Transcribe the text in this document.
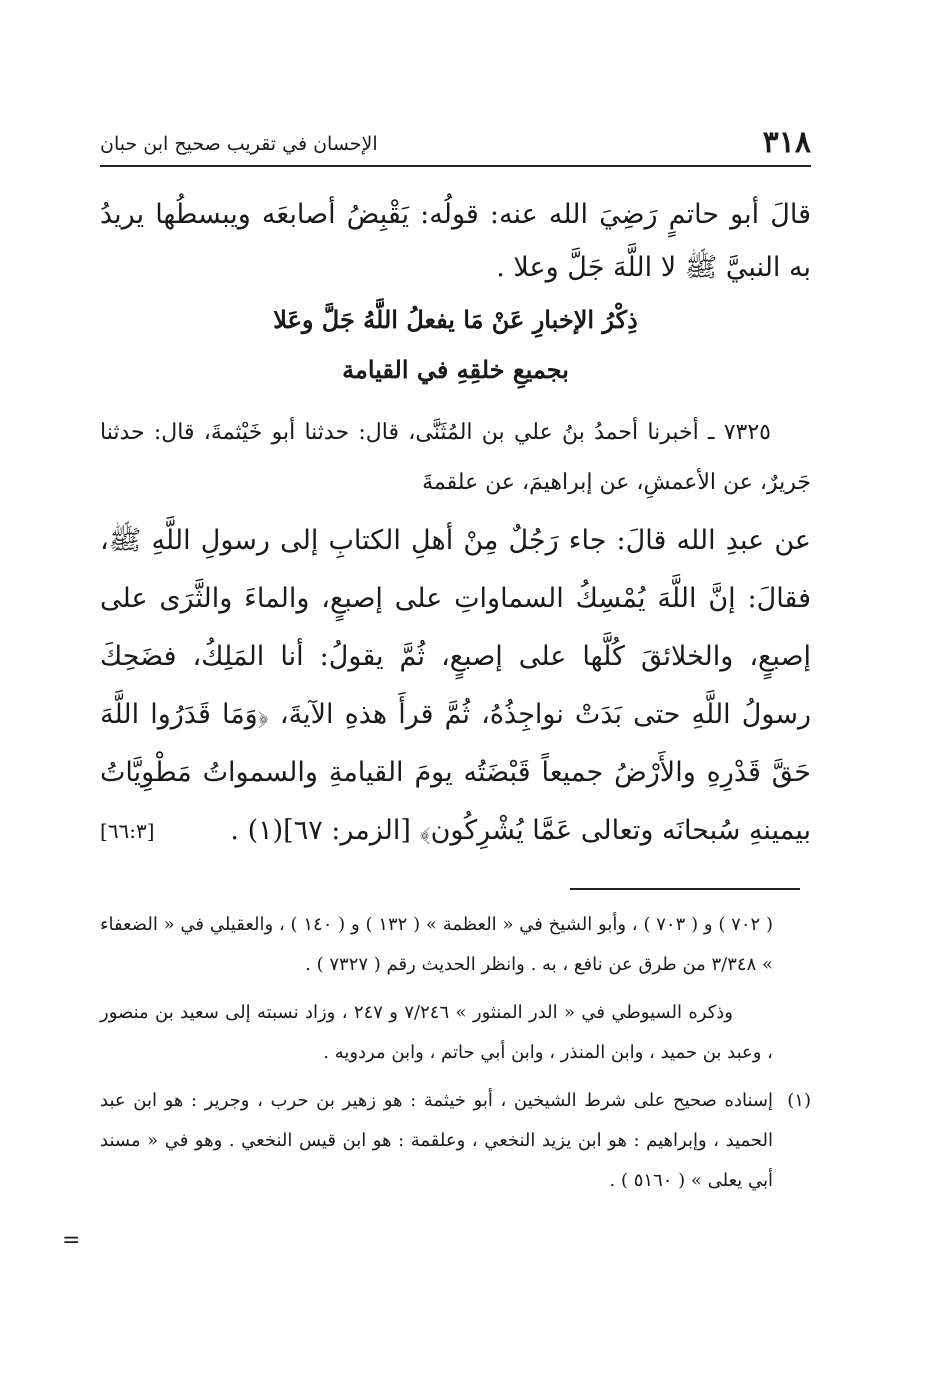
٣١٨
الإحسان في تقريب صحيح ابن حبان
قالَ أبو حاتمٍ رَضِيَ الله عنه: قولُه: يَقْبِضُ أصابعَه ويبسطُها يريدُ به النبيَّ ﷺ لا اللَّهَ جَلَّ وعلا .
ذِكْرُ الإخبارِ عَنْ مَا يفعلُ اللَّهُ جَلَّ وعَلا
بجميعِ خلقِهِ في القيامة
٧٣٢٥ ـ أخبرنا أحمدُ بنُ علي بن المُثَنَّى، قال: حدثنا أبو خَيْثمةَ، قال: حدثنا جَريرٌ، عن الأعمشِ، عن إبراهيمَ، عن علقمةَ
عن عبدِ الله قالَ: جاء رَجُلٌ مِنْ أهلِ الكتابِ إلى رسولِ اللَّهِ ﷺ، فقالَ: إنَّ اللَّهَ يُمْسِكُ السماواتِ على إصبعٍ، والماءَ والثَّرَى على إصبعٍ، والخلائقَ كُلَّها على إصبعٍ، ثُمَّ يقولُ: أنا المَلِكُ، فضَحِكَ رسولُ اللَّهِ حتى بَدَتْ نواجِذُهُ، ثُمَّ قرأَ هذهِ الآيةَ، ﴿وَمَا قَدَرُوا اللَّهَ حَقَّ قَدْرِهِ والأَرْضُ جميعاً قَبْضَتُه يومَ القيامةِ والسمواتُ مَطْوِيَّاتُ بيمينهِ سُبحانَه وتعالى عَمَّا يُشْرِكُون﴾ [الزمر: ٦٧](١) .
[٦٦:٣]
( ٧٠٢ ) و ( ٧٠٣ ) ، وأبو الشيخ في « العظمة » ( ١٣٢ ) و ( ١٤٠ ) ، والعقيلي في « الضعفاء » ٣/٣٤٨ من طرق عن نافع ، به . وانظر الحديث رقم ( ٧٣٢٧ ) .
وذكره السيوطي في « الدر المنثور » ٧/٢٤٦ و ٢٤٧ ، وزاد نسبته إلى سعيد بن منصور ، وعبد بن حميد ، وابن المنذر ، وابن أبي حاتم ، وابن مردويه .
(١)
إسناده صحيح على شرط الشيخين ، أبو خيثمة : هو زهير بن حرب ، وجرير : هو ابن عبد الحميد ، وإبراهيم : هو ابن يزيد النخعي ، وعلقمة : هو ابن قيس النخعي . وهو في « مسند أبي يعلى » ( ٥١٦٠ ) .
=
